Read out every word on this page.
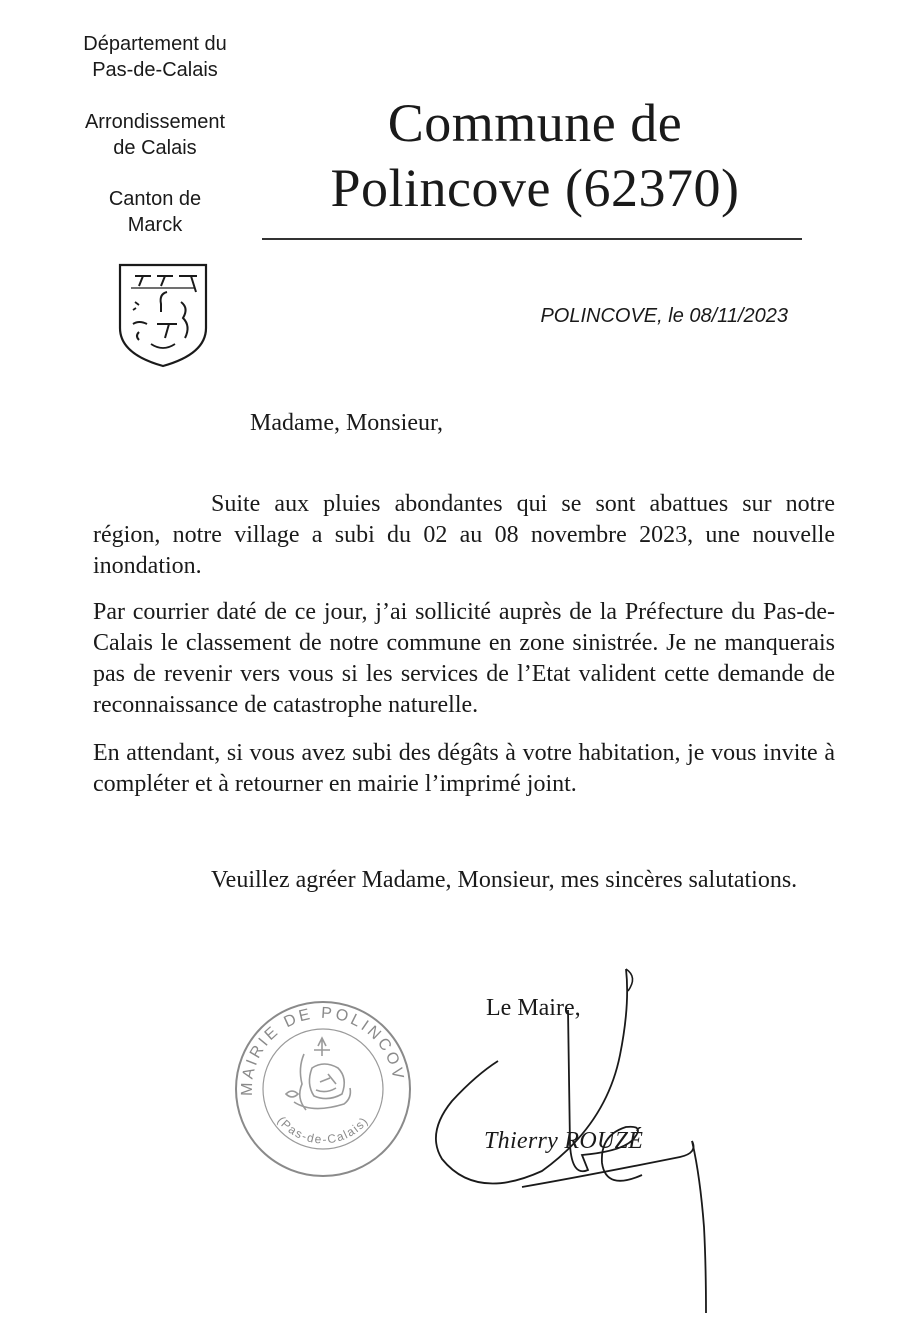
Département du
Pas-de-Calais
Arrondissement
de Calais
Canton de
Marck
Commune de
Polincove (62370)
POLINCOVE, le 08/11/2023
Madame, Monsieur,
Suite aux pluies abondantes qui se sont abattues sur notre région, notre village a subi du 02 au 08 novembre 2023, une nouvelle inondation.
Par courrier daté de ce jour, j’ai sollicité auprès de la Préfecture du Pas-de-Calais le classement de notre commune en zone sinistrée. Je ne manquerais pas de revenir vers vous si les services de l’Etat valident cette demande de reconnaissance de catastrophe naturelle.
En attendant, si vous avez subi des dégâts à votre habitation, je vous invite à compléter et à retourner en mairie l’imprimé joint.
Veuillez agréer Madame, Monsieur, mes sincères salutations.
MAIRIE DE POLINCOVE
(Pas-de-Calais)
Le Maire,
Thierry ROUZÉ
